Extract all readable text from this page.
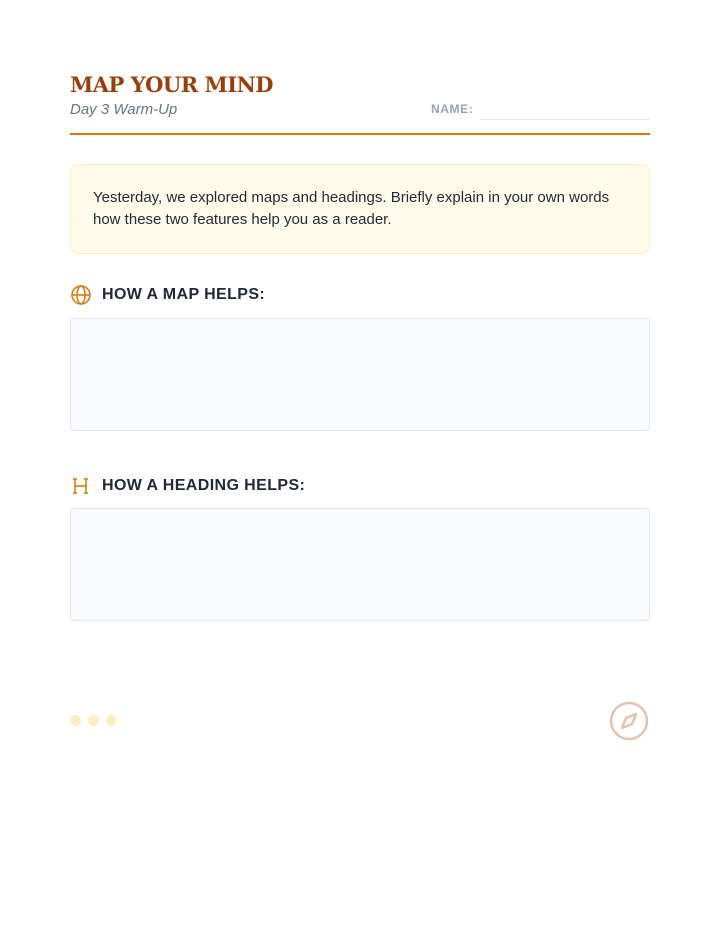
MAP YOUR MIND
Day 3 Warm-Up	NAME:

Yesterday, we explored maps and headings. Briefly explain in your own words how these two features help you as a reader.

HOW A MAP HELPS:
HOW A HEADING HELPS:
